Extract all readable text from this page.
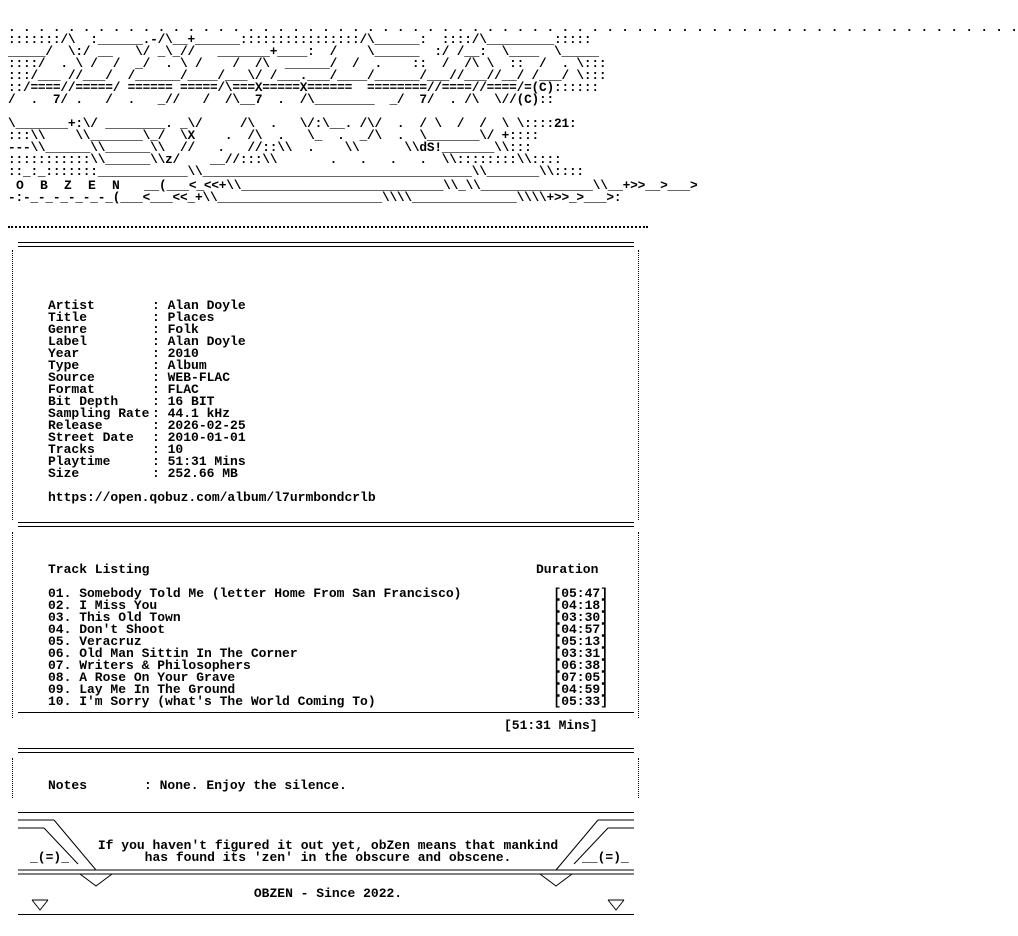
. . . . . . . . . . . . . . . . . . . . . . . . . . . . . . . . . . . . . . . . . . . . . . . . . . . . . . . . . . . . . . . . . . . .
:::::::/\  :______.-/\__+______::::::::::::::::/\______:  ::::/\_________:::::
_____/  \:/ __   \/ _\_//   _______+____:  /    \______  :/ /__:  \____  \_____
::::/  . \ /  /  _/  . \ /    /  /\  ______/  /  .    ::  /  /\ \  ::  /  . \:::
:::/___ //___/  /______/____/___\/ /___.___/____/______/___//___//__/ /___/ \:::
::/====//=====/ ====== =====/\===X=====X======  ========//====//====/=(C)::::::
/  .  7/ .   /  .   _//   /  /\__7  .  /\________  _/  7/  . /\  \//(C)::
\_______+:\/ ________. _\/     /\  .   \/:\__. /\/  .  / \  /  /  \ \::::21:
:::\\    \\_______\_/  \X    .  /\  .   \_  .  _/\  .  \_______\/ +::::
---\\______\\______\\  //   .   //::\\  .    \\      \\dS!_______\\:::
:::::::::::\\______\\z/    __//:::\\       .   .   .   .  \\::::::::\\::::
::_:_:::::::____________\\____________________________________\\_______\\::::
O B Z E N __(___<_<<+\\___________________________\\_\\_______________\\__+>>__>___>
-:-_-_-_-_-_-_(___<___<<_+\\______________________\\\\______________\\\\+>>_>___>:
Artist	: Alan Doyle
Title	: Places
Genre	: Folk
Label	: Alan Doyle
Year	: 2010
Type	: Album
Source	: WEB-FLAC
Format	: FLAC
Bit Depth	: 16 BIT
Sampling Rate : 44.1 kHz
Release	: 2026-02-25
Street Date : 2010-01-01
Tracks	: 10
Playtime	: 51:31 Mins
Size	: 252.66 MB
https://open.qobuz.com/album/l7urmbondcrlb
Track Listing	Duration
01. Somebody Told Me (letter Home From San Francisco)	[05:47]
02. I Miss You	[04:18]
03. This Old Town	[03:30]
04. Don't Shoot	[04:57]
05. Veracruz	[05:13]
06. Old Man Sittin In The Corner	[03:31]
07. Writers & Philosophers	[06:38]
08. A Rose On Your Grave	[07:05]
09. Lay Me In The Ground	[04:59]
10. I'm Sorry (what's The World Coming To)	[05:33]
[51:31 Mins]
Notes	: None. Enjoy the silence.
_(=)_	__(=)_
If you haven't figured it out yet, obZen means that mankind
has found its 'zen' in the obscure and obscene.
OBZEN - Since 2022.
